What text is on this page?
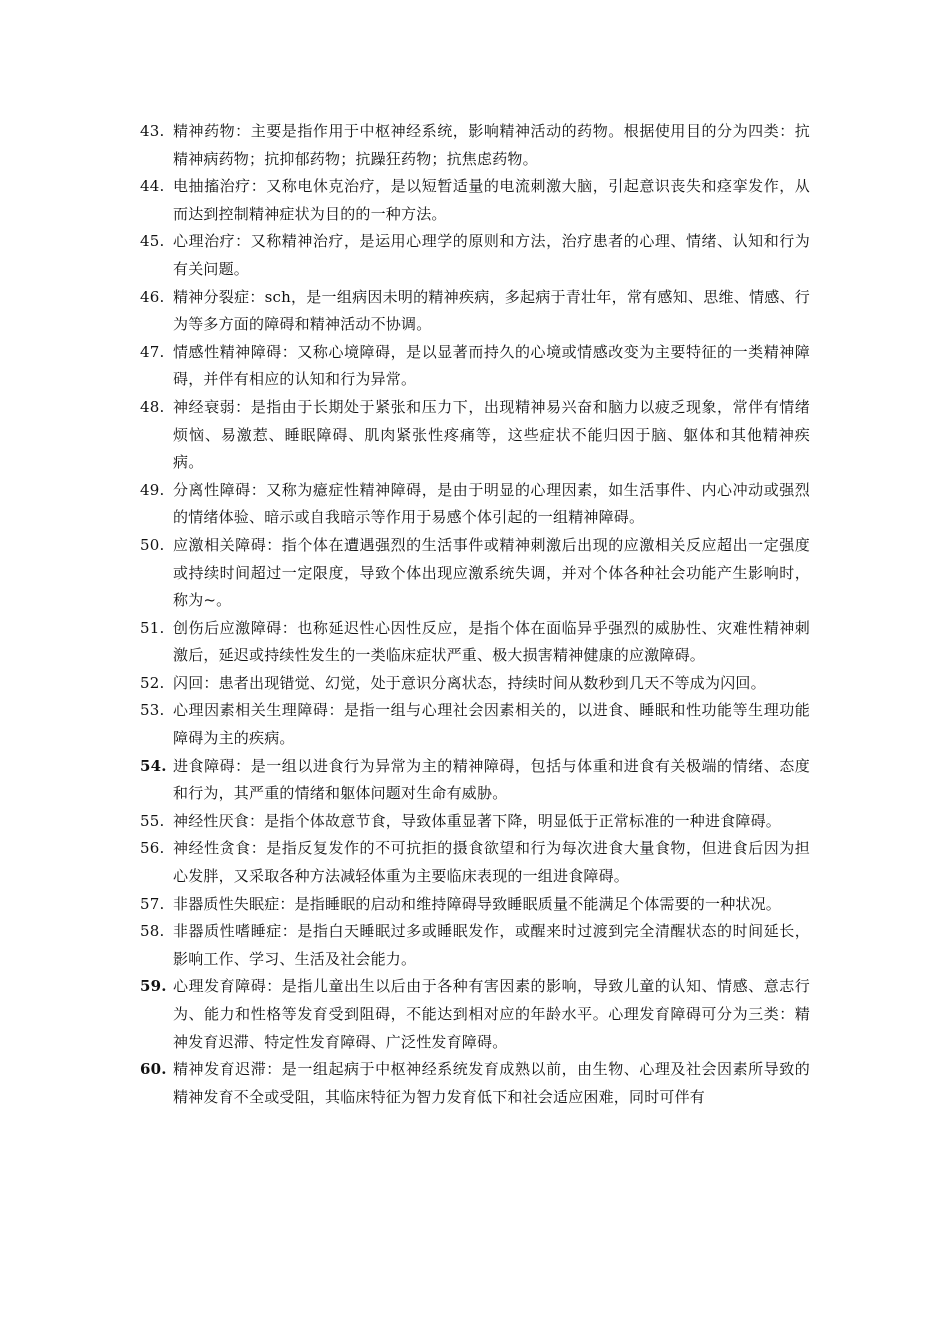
43. 精神药物：主要是指作用于中枢神经系统，影响精神活动的药物。根据使用目的分为四类：抗精神病药物；抗抑郁药物；抗躁狂药物；抗焦虑药物。

44. 电抽搐治疗：又称电休克治疗，是以短暂适量的电流刺激大脑，引起意识丧失和痉挛发作，从而达到控制精神症状为目的的一种方法。

45. 心理治疗：又称精神治疗，是运用心理学的原则和方法，治疗患者的心理、情绪、认知和行为有关问题。

46. 精神分裂症：sch，是一组病因未明的精神疾病，多起病于青壮年，常有感知、思维、情感、行为等多方面的障碍和精神活动不协调。

47. 情感性精神障碍：又称心境障碍，是以显著而持久的心境或情感改变为主要特征的一类精神障碍，并伴有相应的认知和行为异常。

48. 神经衰弱：是指由于长期处于紧张和压力下，出现精神易兴奋和脑力以疲乏现象，常伴有情绪烦恼、易激惹、睡眠障碍、肌肉紧张性疼痛等，这些症状不能归因于脑、躯体和其他精神疾病。

49. 分离性障碍：又称为癔症性精神障碍，是由于明显的心理因素，如生活事件、内心冲动或强烈的情绪体验、暗示或自我暗示等作用于易感个体引起的一组精神障碍。

50. 应激相关障碍：指个体在遭遇强烈的生活事件或精神刺激后出现的应激相关反应超出一定强度或持续时间超过一定限度，导致个体出现应激系统失调，并对个体各种社会功能产生影响时，称为~。

51. 创伤后应激障碍：也称延迟性心因性反应，是指个体在面临异乎强烈的威胁性、灾难性精神刺激后，延迟或持续性发生的一类临床症状严重、极大损害精神健康的应激障碍。

52. 闪回：患者出现错觉、幻觉，处于意识分离状态，持续时间从数秒到几天不等成为闪回。

53. 心理因素相关生理障碍：是指一组与心理社会因素相关的，以进食、睡眠和性功能等生理功能障碍为主的疾病。

54. 进食障碍：是一组以进食行为异常为主的精神障碍，包括与体重和进食有关极端的情绪、态度和行为，其严重的情绪和躯体问题对生命有威胁。

55. 神经性厌食：是指个体故意节食，导致体重显著下降，明显低于正常标准的一种进食障碍。

56. 神经性贪食：是指反复发作的不可抗拒的摄食欲望和行为每次进食大量食物，但进食后因为担心发胖，又采取各种方法减轻体重为主要临床表现的一组进食障碍。

57. 非器质性失眠症：是指睡眠的启动和维持障碍导致睡眠质量不能满足个体需要的一种状况。

58. 非器质性嗜睡症：是指白天睡眠过多或睡眠发作，或醒来时过渡到完全清醒状态的时间延长，影响工作、学习、生活及社会能力。

59. 心理发育障碍：是指儿童出生以后由于各种有害因素的影响，导致儿童的认知、情感、意志行为、能力和性格等发育受到阻碍，不能达到相对应的年龄水平。心理发育障碍可分为三类：精神发育迟滞、特定性发育障碍、广泛性发育障碍。

60. 精神发育迟滞：是一组起病于中枢神经系统发育成熟以前，由生物、心理及社会因素所导致的精神发育不全或受阻，其临床特征为智力发育低下和社会适应困难，同时可伴有
